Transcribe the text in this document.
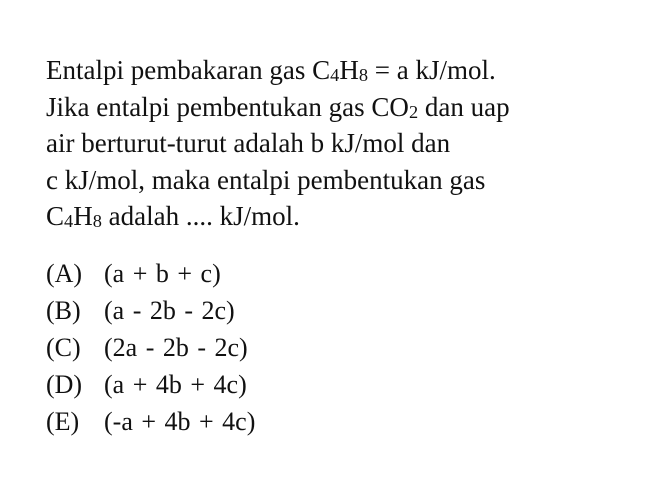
Entalpi pembakaran gas $C_4H_8 = a$ kJ/mol.
Jika entalpi pembentukan gas $CO_2$ dan uap
air berturut-turut adalah b kJ/mol dan
c kJ/mol, maka entalpi pembentukan gas
$C_4H_8$ adalah .... kJ/mol.
(A) (a + b + c)
(B) (a - 2b - 2c)
(C) (2a - 2b - 2c)
(D) (a + 4b + 4c)
(E) (-a + 4b + 4c)
